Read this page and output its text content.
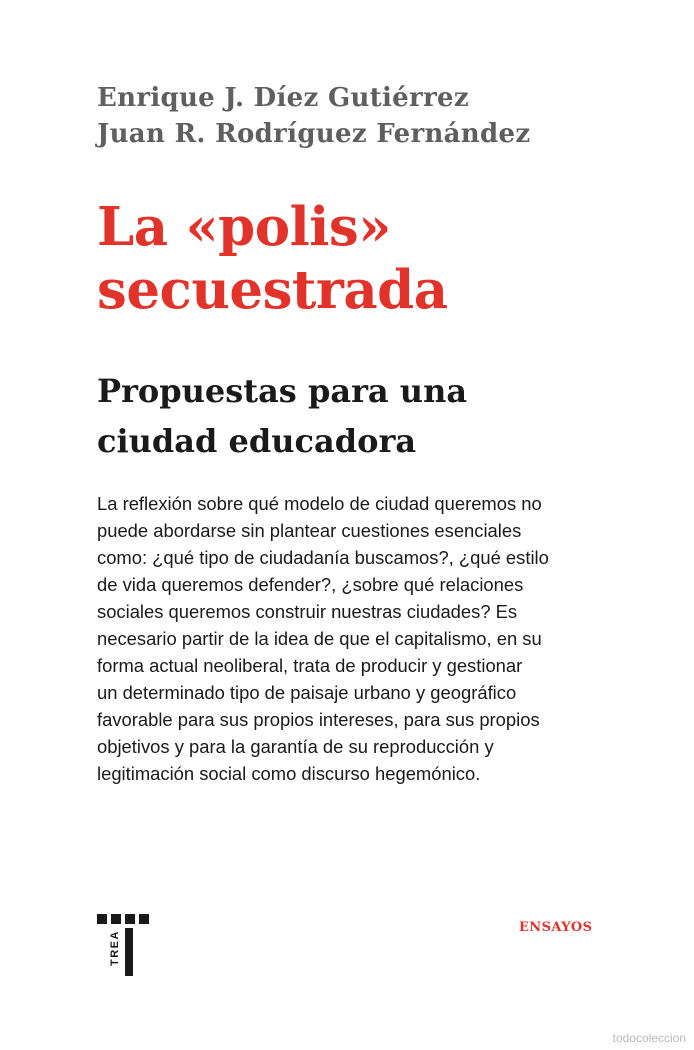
Enrique J. Díez Gutiérrez
Juan R. Rodríguez Fernández
La «polis»
secuestrada
Propuestas para una
ciudad educadora
La reflexión sobre qué modelo de ciudad queremos no
puede abordarse sin plantear cuestiones esenciales
como: ¿qué tipo de ciudadanía buscamos?, ¿qué estilo
de vida queremos defender?, ¿sobre qué relaciones
sociales queremos construir nuestras ciudades? Es
necesario partir de la idea de que el capitalismo, en su
forma actual neoliberal, trata de producir y gestionar
un determinado tipo de paisaje urbano y geográfico
favorable para sus propios intereses, para sus propios
objetivos y para la garantía de su reproducción y
legitimación social como discurso hegemónico.
TREA
ENSAYOS
todocoleccion
